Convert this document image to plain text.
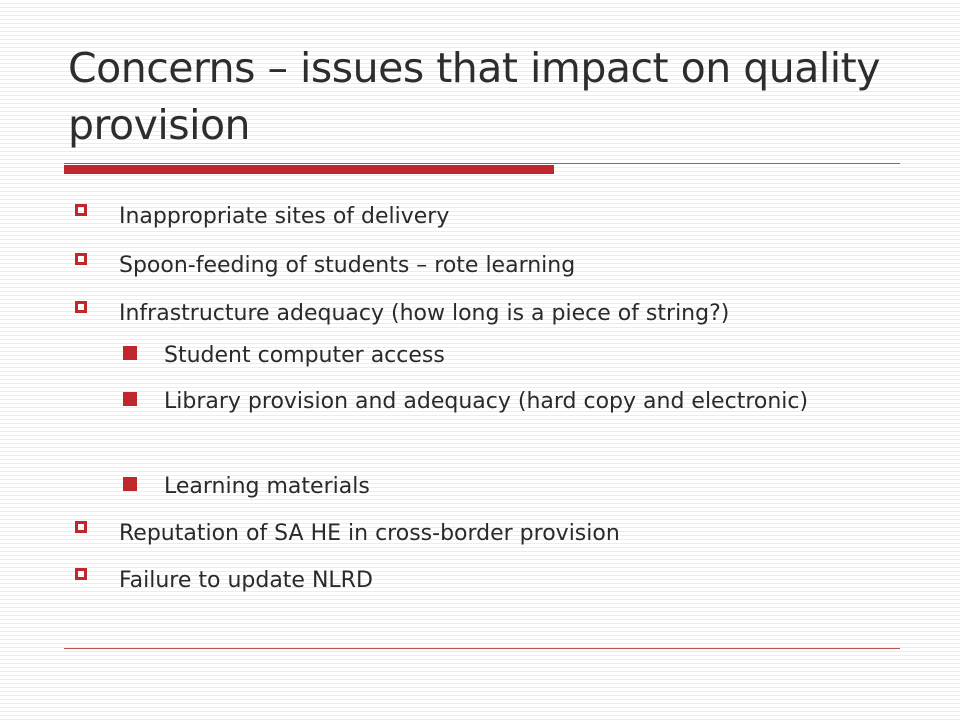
Concerns – issues that impact on quality provision
Inappropriate sites of delivery
Spoon-feeding of students – rote learning
Infrastructure adequacy (how long is a piece of string?)
Student computer access
Library provision and adequacy (hard copy and electronic)
Learning materials
Reputation of SA HE in cross-border provision
Failure to update NLRD
